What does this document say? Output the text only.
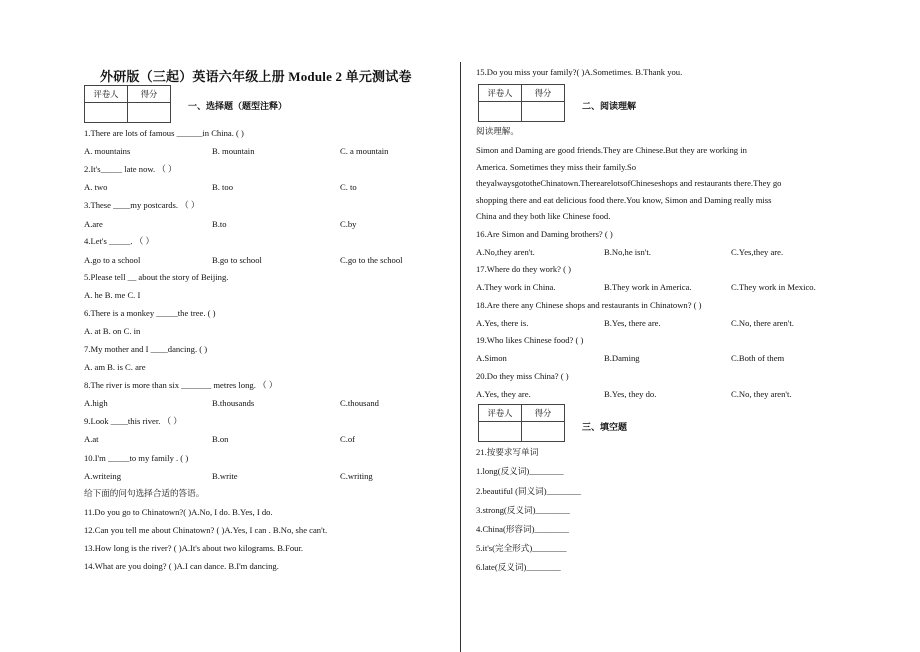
外研版（三起）英语六年级上册 Module 2 单元测试卷
评卷人	得分

一、选择题（题型注释）
1.There are lots of famous ______in China. ( )
A. mountains	B. mountain	C. a mountain
2.It's_____ late now. （ ）
A. two	B. too	C. to
3.These ____my postcards. （ ）
A.are	B.to	C.by
4.Let's _____. （ ）
A.go to a school	B.go to school	C.go to the school
5.Please tell __ about the story of Beijing.
A. he B. me C. I
6.There is a monkey _____the tree. ( )
A. at B. on C. in
7.My mother and I ____dancing. ( )
A. am B. is C. are
8.The river is more than six _______ metres long. （ ）
A.high	B.thousands	C.thousand
9.Look ____this river. （ ）
A.at	B.on	C.of
10.I'm _____to my family . ( )
A.writeing	B.write	C.writing
给下面的问句选择合适的答语。
11.Do you go to Chinatown?( )A.No, I do. B.Yes, I do.
12.Can you tell me about Chinatown? ( )A.Yes, I can . B.No, she can't.
13.How long is the river? ( )A.It's about two kilograms. B.Four.
14.What are you doing? ( )A.I can dance. B.I'm dancing.
15.Do you miss your family?( )A.Sometimes. B.Thank you.
评卷人	得分

二、阅读理解
阅读理解。
Simon and Daming are good friends.They are Chinese.But they are working in
America. Sometimes they miss their family.So
theyalwaysgototheChinatown.TherearelotsofChineseshops and restaurants there.They go
shopping there and eat delicious food there.You know, Simon and Daming really miss
China and they both like Chinese food.
16.Are Simon and Daming brothers? ( )
A.No,they aren't.	B.No,he isn't.	C.Yes,they are.
17.Where do they work? ( )
A.They work in China.	B.They work in America.	C.They work in Mexico.
18.Are there any Chinese shops and restaurants in Chinatown? ( )
A.Yes, there is.	B.Yes, there are.	C.No, there aren't.
19.Who likes Chinese food? ( )
A.Simon	B.Daming	C.Both of them
20.Do they miss China? ( )
A.Yes, they are.	B.Yes, they do.	C.No, they aren't.
评卷人	得分

三、填空题
21.按要求写单词
1.long(反义词)________
2.beautiful (同义词)________
3.strong(反义词)________
4.China(形容词)________
5.it's(完全形式)________
6.late(反义词)________
